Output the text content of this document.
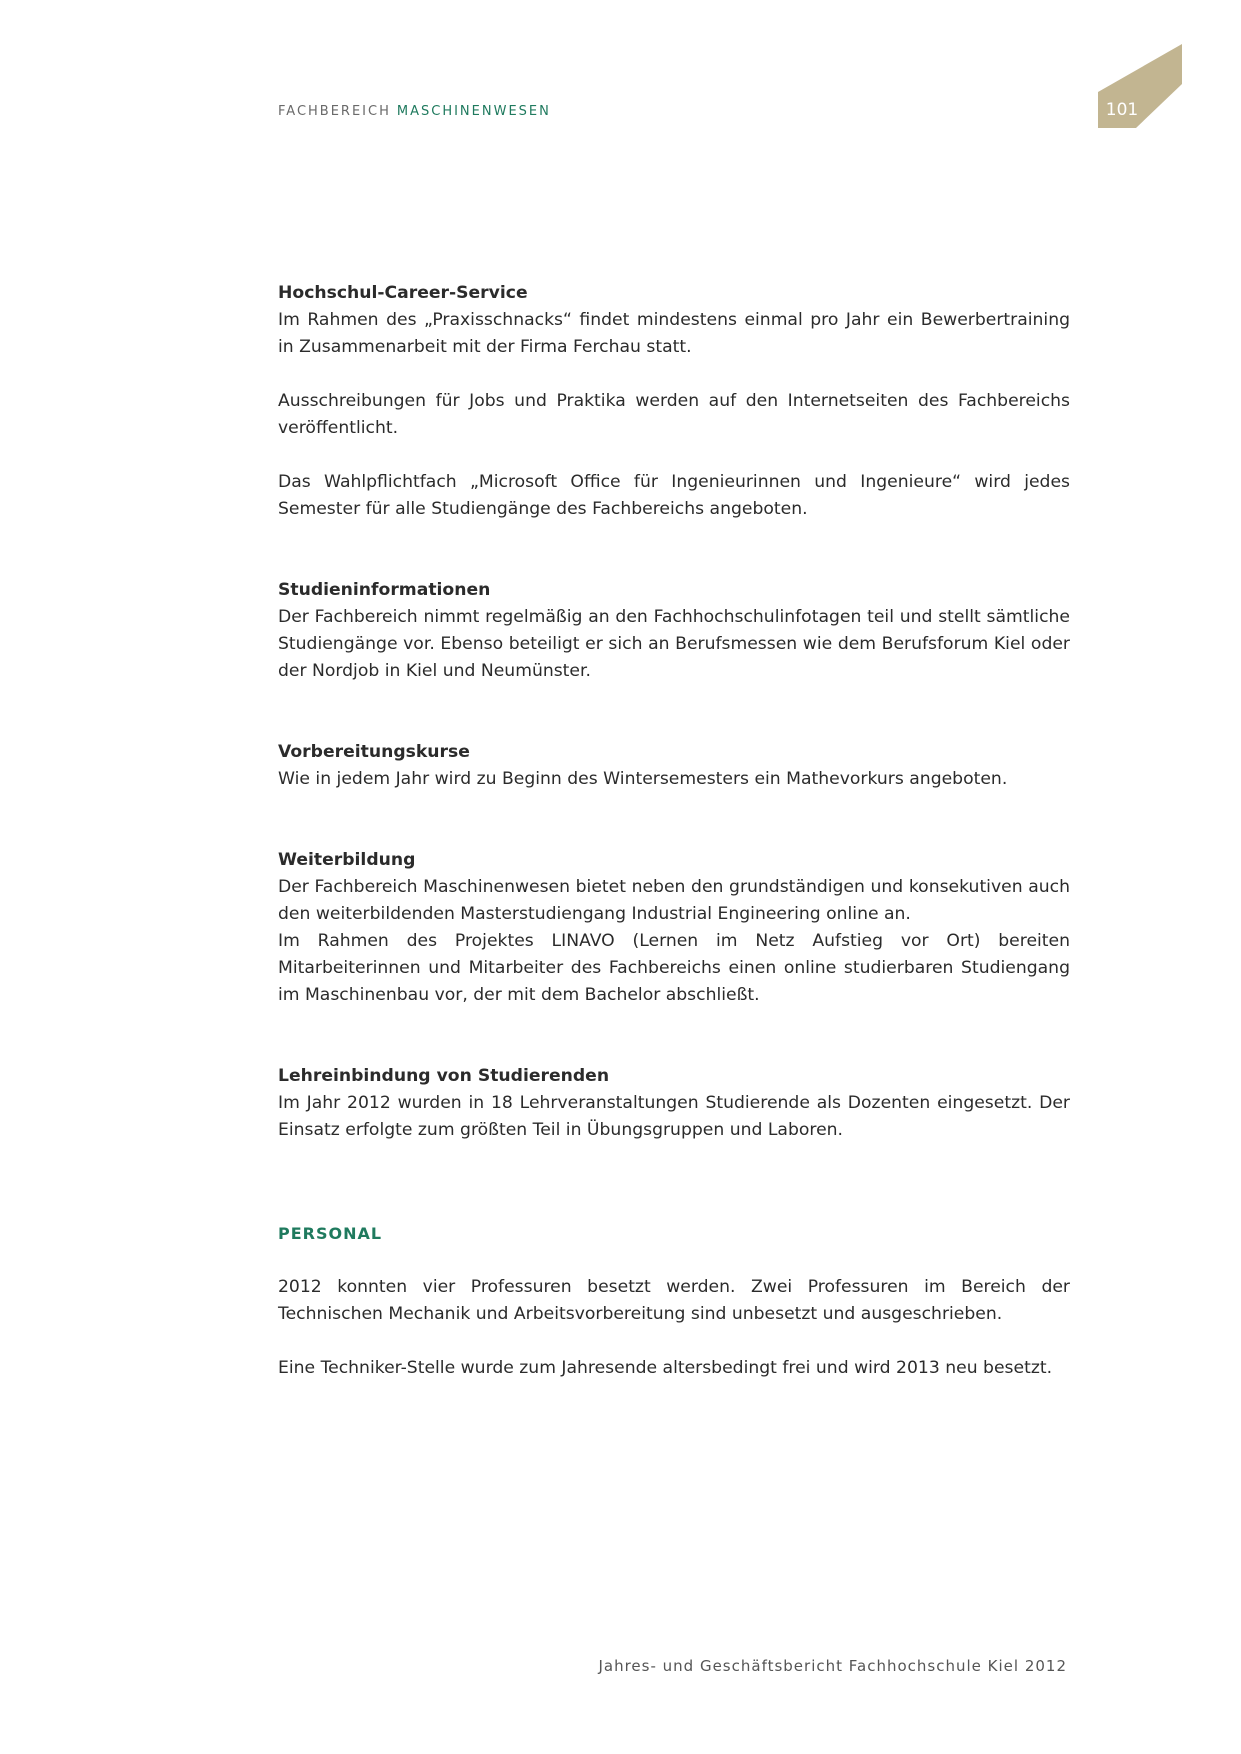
FACHBEREICH MASCHINENWESEN	101
Hochschul-Career-Service

Im Rahmen des „Praxisschnacks“ findet mindestens einmal pro Jahr ein Bewerbertraining in Zusammenarbeit mit der Firma Ferchau statt.

Ausschreibungen für Jobs und Praktika werden auf den Internetseiten des Fachbereichs veröffentlicht.

Das Wahlpflichtfach „Microsoft Office für Ingenieurinnen und Ingenieure“ wird jedes Semester für alle Studiengänge des Fachbereichs angeboten.

Studieninformationen

Der Fachbereich nimmt regelmäßig an den Fachhochschulinfotagen teil und stellt sämtliche Studiengänge vor. Ebenso beteiligt er sich an Berufsmessen wie dem Berufsforum Kiel oder der Nordjob in Kiel und Neumünster.

Vorbereitungskurse

Wie in jedem Jahr wird zu Beginn des Wintersemesters ein Mathevorkurs angeboten.

Weiterbildung

Der Fachbereich Maschinenwesen bietet neben den grundständigen und konsekutiven auch den weiterbildenden Masterstudiengang Industrial Engineering online an.

Im Rahmen des Projektes LINAVO (Lernen im Netz Aufstieg vor Ort) bereiten Mitarbeiterinnen und Mitarbeiter des Fachbereichs einen online studierbaren Studiengang im Maschinenbau vor, der mit dem Bachelor abschließt.

Lehreinbindung von Studierenden

Im Jahr 2012 wurden in 18 Lehrveranstaltungen Studierende als Dozenten eingesetzt. Der Einsatz erfolgte zum größten Teil in Übungsgruppen und Laboren.

PERSONAL

2012 konnten vier Professuren besetzt werden. Zwei Professuren im Bereich der Technischen Mechanik und Arbeitsvorbereitung sind unbesetzt und ausgeschrieben.

Eine Techniker-Stelle wurde zum Jahresende altersbedingt frei und wird 2013 neu besetzt.

Jahres- und Geschäftsbericht Fachhochschule Kiel 2012
